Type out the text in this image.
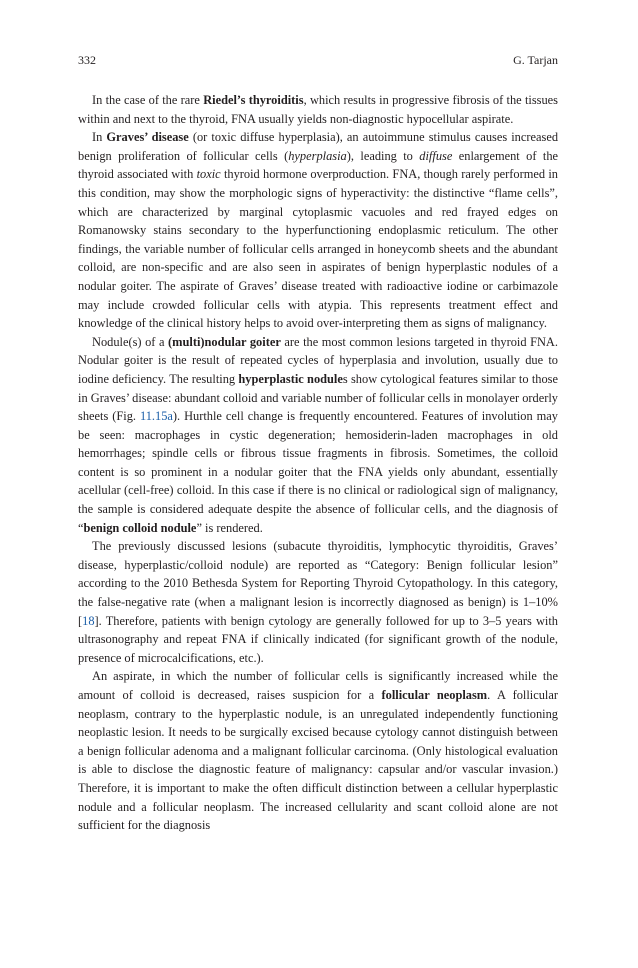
332	G. Tarjan

In the case of the rare Riedel’s thyroiditis, which results in progressive fibrosis of the tissues within and next to the thyroid, FNA usually yields non-diagnostic hypocellular aspirate.

In Graves’ disease (or toxic diffuse hyperplasia), an autoimmune stimulus causes increased benign proliferation of follicular cells (hyperplasia), leading to diffuse enlargement of the thyroid associated with toxic thyroid hormone overproduction. FNA, though rarely performed in this condition, may show the morphologic signs of hyperactivity: the distinctive “flame cells”, which are characterized by marginal cytoplasmic vacuoles and red frayed edges on Romanowsky stains secondary to the hyperfunctioning endoplasmic reticulum. The other findings, the variable number of follicular cells arranged in honeycomb sheets and the abundant colloid, are non-specific and are also seen in aspirates of benign hyperplastic nodules of a nodular goiter. The aspirate of Graves’ disease treated with radioactive iodine or carbimazole may include crowded follicular cells with atypia. This represents treatment effect and knowledge of the clinical history helps to avoid over-interpreting them as signs of malignancy.

Nodule(s) of a (multi)nodular goiter are the most common lesions targeted in thyroid FNA. Nodular goiter is the result of repeated cycles of hyperplasia and involution, usually due to iodine deficiency. The resulting hyperplastic nodules show cytological features similar to those in Graves’ disease: abundant colloid and variable number of follicular cells in monolayer orderly sheets (Fig. 11.15a). Hurthle cell change is frequently encountered. Features of involution may be seen: macrophages in cystic degeneration; hemosiderin-laden macrophages in old hemorrhages; spindle cells or fibrous tissue fragments in fibrosis. Sometimes, the colloid content is so prominent in a nodular goiter that the FNA yields only abundant, essentially acellular (cell-free) colloid. In this case if there is no clinical or radiological sign of malignancy, the sample is considered adequate despite the absence of follicular cells, and the diagnosis of “benign colloid nodule” is rendered.

The previously discussed lesions (subacute thyroiditis, lymphocytic thyroiditis, Graves’ disease, hyperplastic/colloid nodule) are reported as “Category: Benign follicular lesion” according to the 2010 Bethesda System for Reporting Thyroid Cytopathology. In this category, the false-negative rate (when a malignant lesion is incorrectly diagnosed as benign) is 1–10% [18]. Therefore, patients with benign cytology are generally followed for up to 3–5 years with ultrasonography and repeat FNA if clinically indicated (for significant growth of the nodule, presence of microcalcifications, etc.).

An aspirate, in which the number of follicular cells is significantly increased while the amount of colloid is decreased, raises suspicion for a follicular neoplasm. A follicular neoplasm, contrary to the hyperplastic nodule, is an unregulated independently functioning neoplastic lesion. It needs to be surgically excised because cytology cannot distinguish between a benign follicular adenoma and a malignant follicular carcinoma. (Only histological evaluation is able to disclose the diagnostic feature of malignancy: capsular and/or vascular invasion.) Therefore, it is important to make the often difficult distinction between a cellular hyperplastic nodule and a follicular neoplasm. The increased cellularity and scant colloid alone are not sufficient for the diagnosis
